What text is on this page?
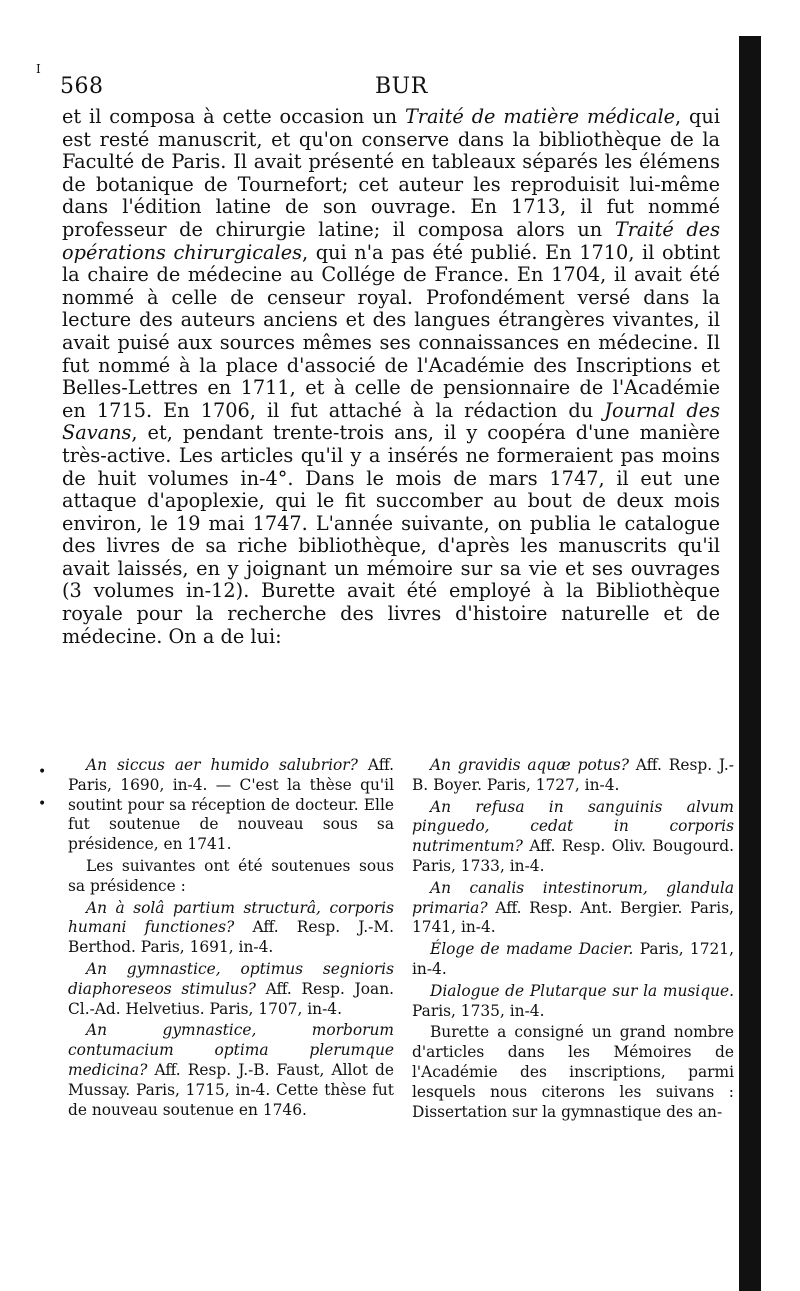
I
568	BUR

et il composa à cette occasion un Traité de matière médicale, qui est resté manuscrit, et qu'on conserve dans la bibliothèque de la Faculté de Paris. Il avait présenté en tableaux séparés les élémens de botanique de Tournefort; cet auteur les reproduisit lui-même dans l'édition latine de son ouvrage. En 1713, il fut nommé professeur de chirurgie latine; il composa alors un Traité des opérations chirurgicales, qui n'a pas été publié. En 1710, il obtint la chaire de médecine au Collége de France. En 1704, il avait été nommé à celle de censeur royal. Profondément versé dans la lecture des auteurs anciens et des langues étrangères vivantes, il avait puisé aux sources mêmes ses connaissances en médecine. Il fut nommé à la place d'associé de l'Académie des Inscriptions et Belles-Lettres en 1711, et à celle de pensionnaire de l'Académie en 1715. En 1706, il fut attaché à la rédaction du Journal des Savans, et, pendant trente-trois ans, il y coopéra d'une manière très-active. Les articles qu'il y a insérés ne formeraient pas moins de huit volumes in-4°. Dans le mois de mars 1747, il eut une attaque d'apoplexie, qui le fit succomber au bout de deux mois environ, le 19 mai 1747. L'année suivante, on publia le catalogue des livres de sa riche bibliothèque, d'après les manuscrits qu'il avait laissés, en y joignant un mémoire sur sa vie et ses ouvrages (3 volumes in-12). Burette avait été employé à la Bibliothèque royale pour la recherche des livres d'histoire naturelle et de médecine. On a de lui:

•
•

An siccus aer humido salubrior? Aff. Paris, 1690, in-4. — C'est la thèse qu'il soutint pour sa réception de docteur. Elle fut soutenue de nouveau sous sa présidence, en 1741.

Les suivantes ont été soutenues sous sa présidence :

An à solâ partium structurâ, corporis humani functiones? Aff. Resp. J.-M. Berthod. Paris, 1691, in-4.

An gymnastice, optimus segnioris diaphoreseos stimulus? Aff. Resp. Joan. Cl.-Ad. Helvetius. Paris, 1707, in-4.

An gymnastice, morborum contumacium optima plerumque medicina? Aff. Resp. J.-B. Faust, Allot de Mussay. Paris, 1715, in-4. Cette thèse fut de nouveau soutenue en 1746.

An gravidis aquæ potus? Aff. Resp. J.-B. Boyer. Paris, 1727, in-4.

An refusa in sanguinis alvum pinguedo, cedat in corporis nutrimentum? Aff. Resp. Oliv. Bougourd. Paris, 1733, in-4.

An canalis intestinorum, glandula primaria? Aff. Resp. Ant. Bergier. Paris, 1741, in-4.

Éloge de madame Dacier. Paris, 1721, in-4.

Dialogue de Plutarque sur la musique. Paris, 1735, in-4.

Burette a consigné un grand nombre d'articles dans les Mémoires de l'Académie des inscriptions, parmi lesquels nous citerons les suivans : Dissertation sur la gymnastique des an-
